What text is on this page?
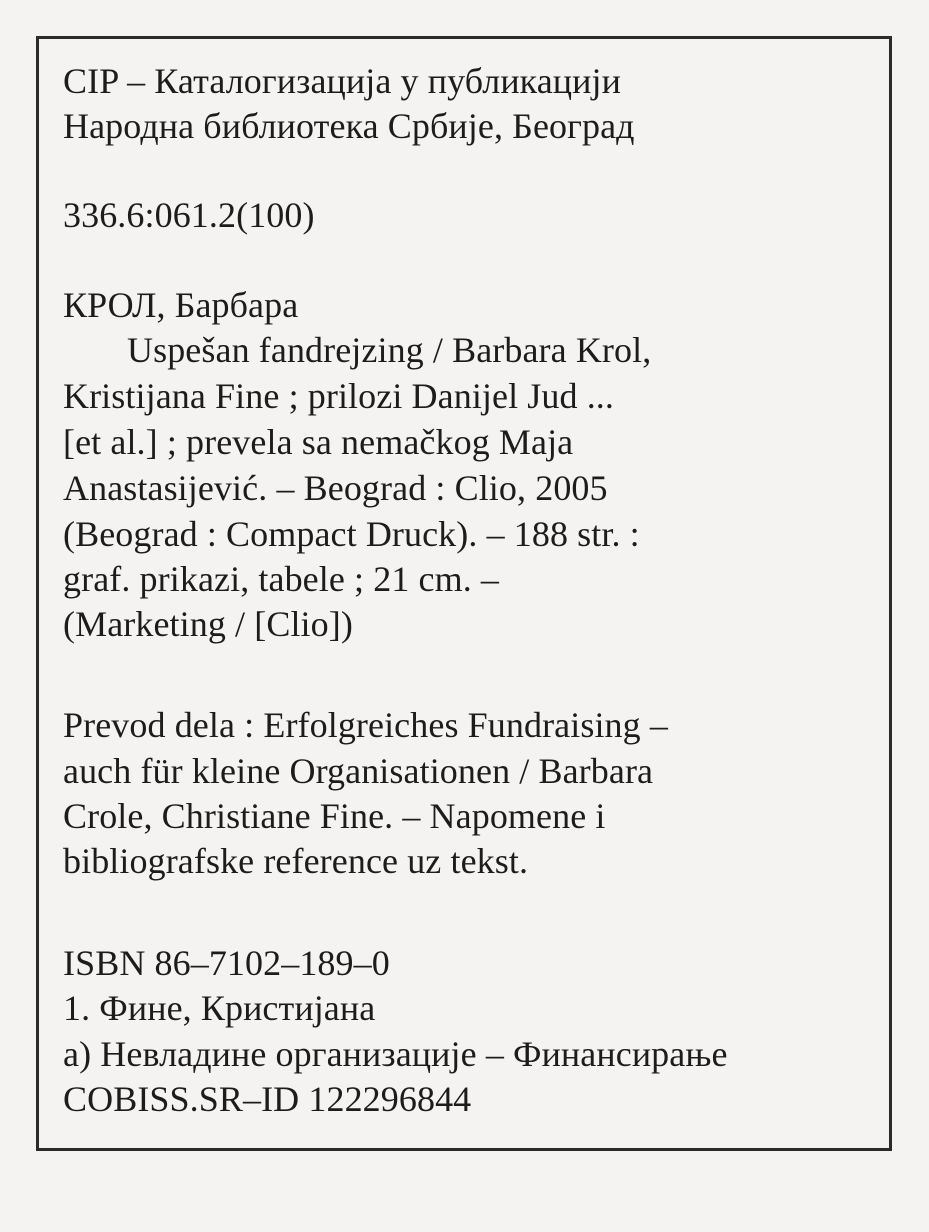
CIP – Каталогизација у публикацији
Народна библиотека Србије, Београд
336.6:061.2(100)
КРОЛ, Барбара
Uspešan fandrejzing / Barbara Krol,
Kristijana Fine ; prilozi Danijel Jud ...
[et al.] ; prevela sa nemačkog Maja
Anastasijević. – Beograd : Clio, 2005
(Beograd : Compact Druck). – 188 str. :
graf. prikazi, tabele ; 21 cm. –
(Marketing / [Clio])
Prevod dela : Erfolgreiches Fundraising –
auch für kleine Organisationen / Barbara
Crole, Christiane Fine. – Napomene i
bibliografske reference uz tekst.
ISBN 86–7102–189–0
1. Фине, Кристијана
а) Невладине организације – Финансирање
COBISS.SR–ID 122296844
